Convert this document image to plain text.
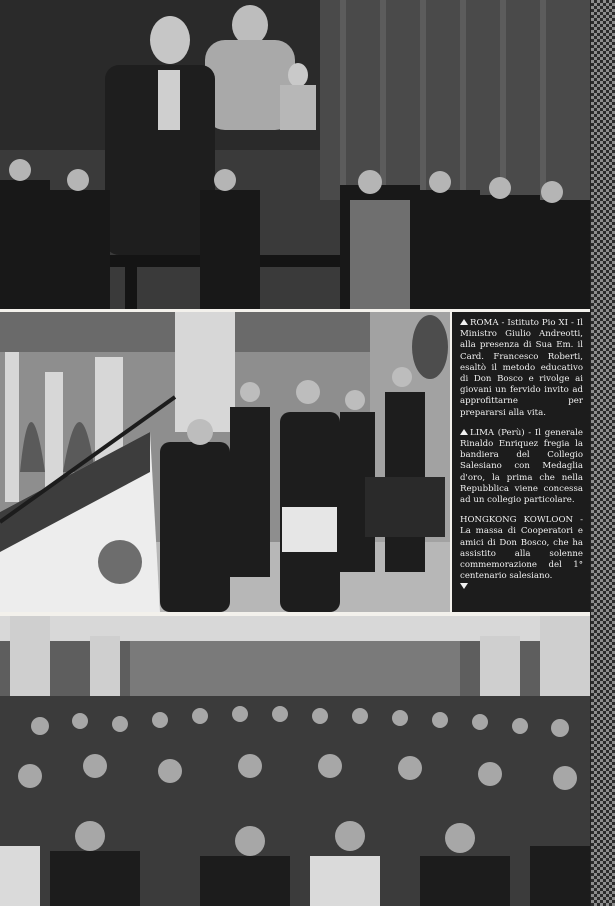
ROMA - Istituto Pio XI - Il Ministro Giulio Andreotti, alla presenza di Sua Em. il Card. Francesco Roberti, esaltò il metodo educativo di Don Bosco e rivolge ai giovani un fervido invito ad approfittarne per prepararsi alla vita.

LIMA (Perù) - Il generale Rinaldo Enriquez fregia la bandiera del Collegio Salesiano con Medaglia d'oro, la prima che nella Repubblica viene concessa ad un collegio particolare.

HONGKONG KOWLOON - La massa di Cooperatori e amici di Don Bosco, che ha assistito alla solenne commemorazione del 1° centenario salesiano.
